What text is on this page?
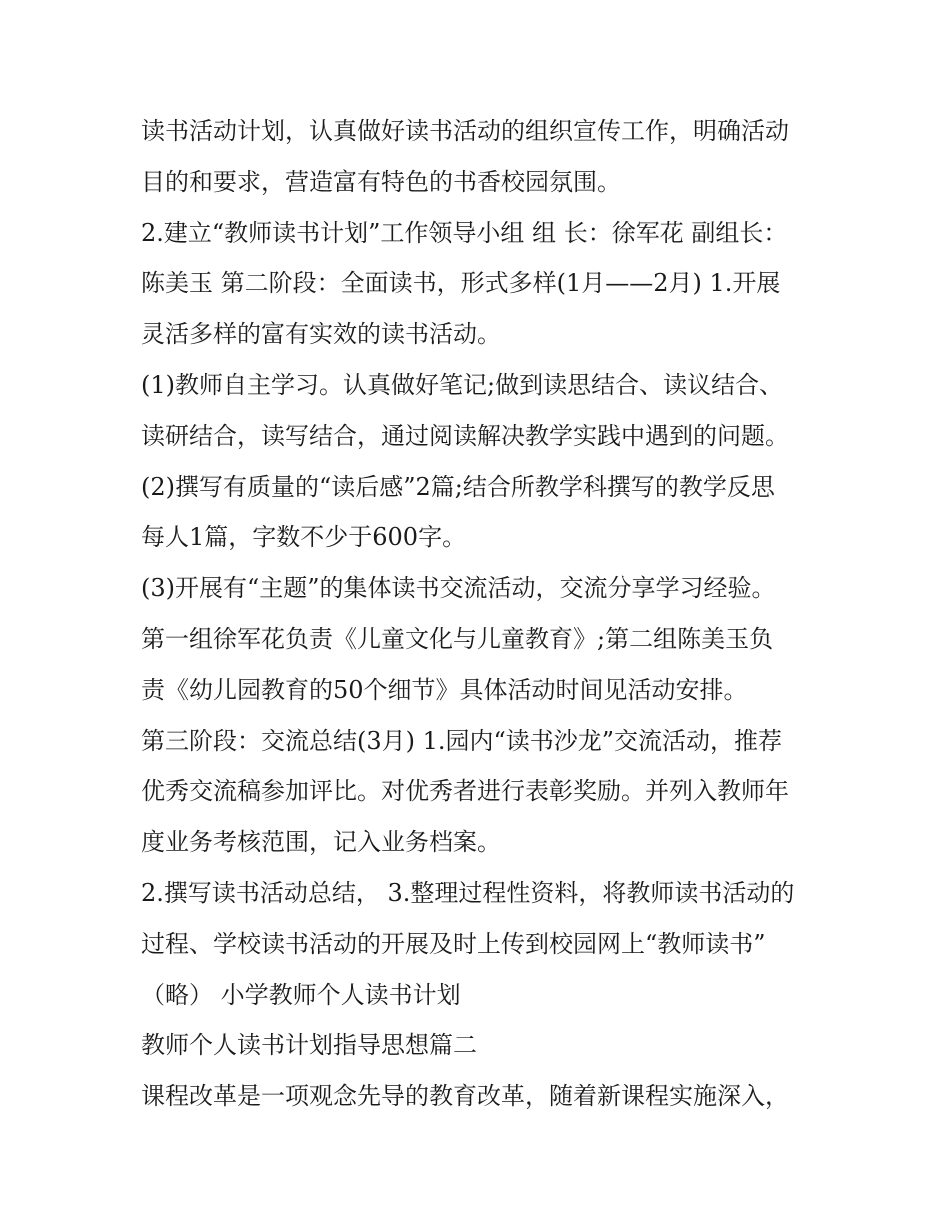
读书活动计划，认真做好读书活动的组织宣传工作，明确活动
目的和要求，营造富有特色的书香校园氛围。
2.建立“教师读书计划”工作领导小组 组 长：徐军花 副组长：
陈美玉 第二阶段：全面读书，形式多样(1月——2月) 1.开展
灵活多样的富有实效的读书活动。
(1)教师自主学习。认真做好笔记;做到读思结合、读议结合、
读研结合，读写结合，通过阅读解决教学实践中遇到的问题。
(2)撰写有质量的“读后感”2篇;结合所教学科撰写的教学反思
每人1篇，字数不少于600字。
(3)开展有“主题”的集体读书交流活动，交流分享学习经验。
第一组徐军花负责《儿童文化与儿童教育》;第二组陈美玉负
责《幼儿园教育的50个细节》具体活动时间见活动安排。
第三阶段：交流总结(3月) 1.园内“读书沙龙”交流活动，推荐
优秀交流稿参加评比。对优秀者进行表彰奖励。并列入教师年
度业务考核范围，记入业务档案。
2.撰写读书活动总结， 3.整理过程性资料，将教师读书活动的
过程、学校读书活动的开展及时上传到校园网上“教师读书”
（略） 小学教师个人读书计划
教师个人读书计划指导思想篇二
课程改革是一项观念先导的教育改革，随着新课程实施深入，
